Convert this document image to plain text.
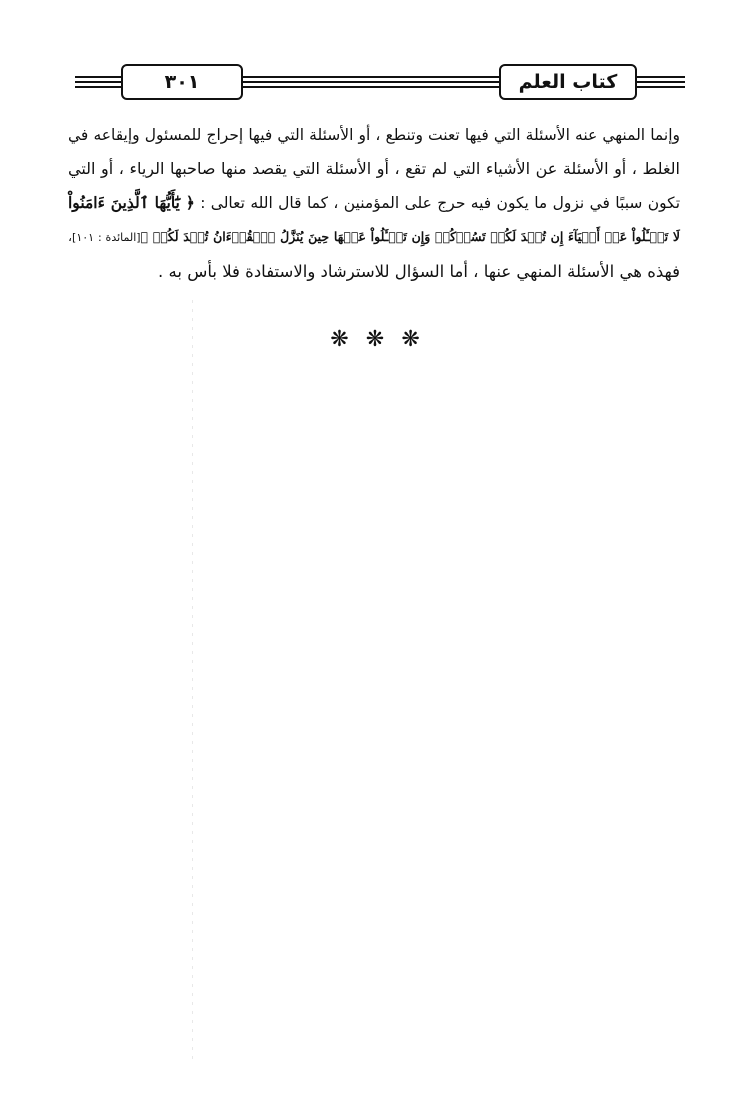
٣٠١	كتاب العلم
وإنما المنهي عنه الأسئلة التي فيها تعنت وتنطع ، أو الأسئلة التي فيها إحراج للمسئول وإيقاعه في
الغلط ، أو الأسئلة عن الأشياء التي لم تقع ، أو الأسئلة التي يقصد منها صاحبها الرياء ، أو التي
تكون سببًا في نزول ما يكون فيه حرج على المؤمنين ، كما قال الله تعالى : ﴿ يَٰٓأَيُّهَا ٱلَّذِينَ ءَامَنُواْ
لَا تَسۡـَٔلُواْ عَنۡ أَشۡيَآءَ إِن تُبۡدَ لَكُمۡ تَسُؤۡكُمۡ وَإِن تَسۡـَٔلُواْ عَنۡهَا حِينَ يُنَزَّلُ ٱلۡقُرۡءَانُ تُبۡدَ لَكُمۡ ﴾[المائدة : ١٠١]،
فهذه هي الأسئلة المنهي عنها ، أما السؤال للاسترشاد والاستفادة فلا بأس به .
❋ ❋ ❋
